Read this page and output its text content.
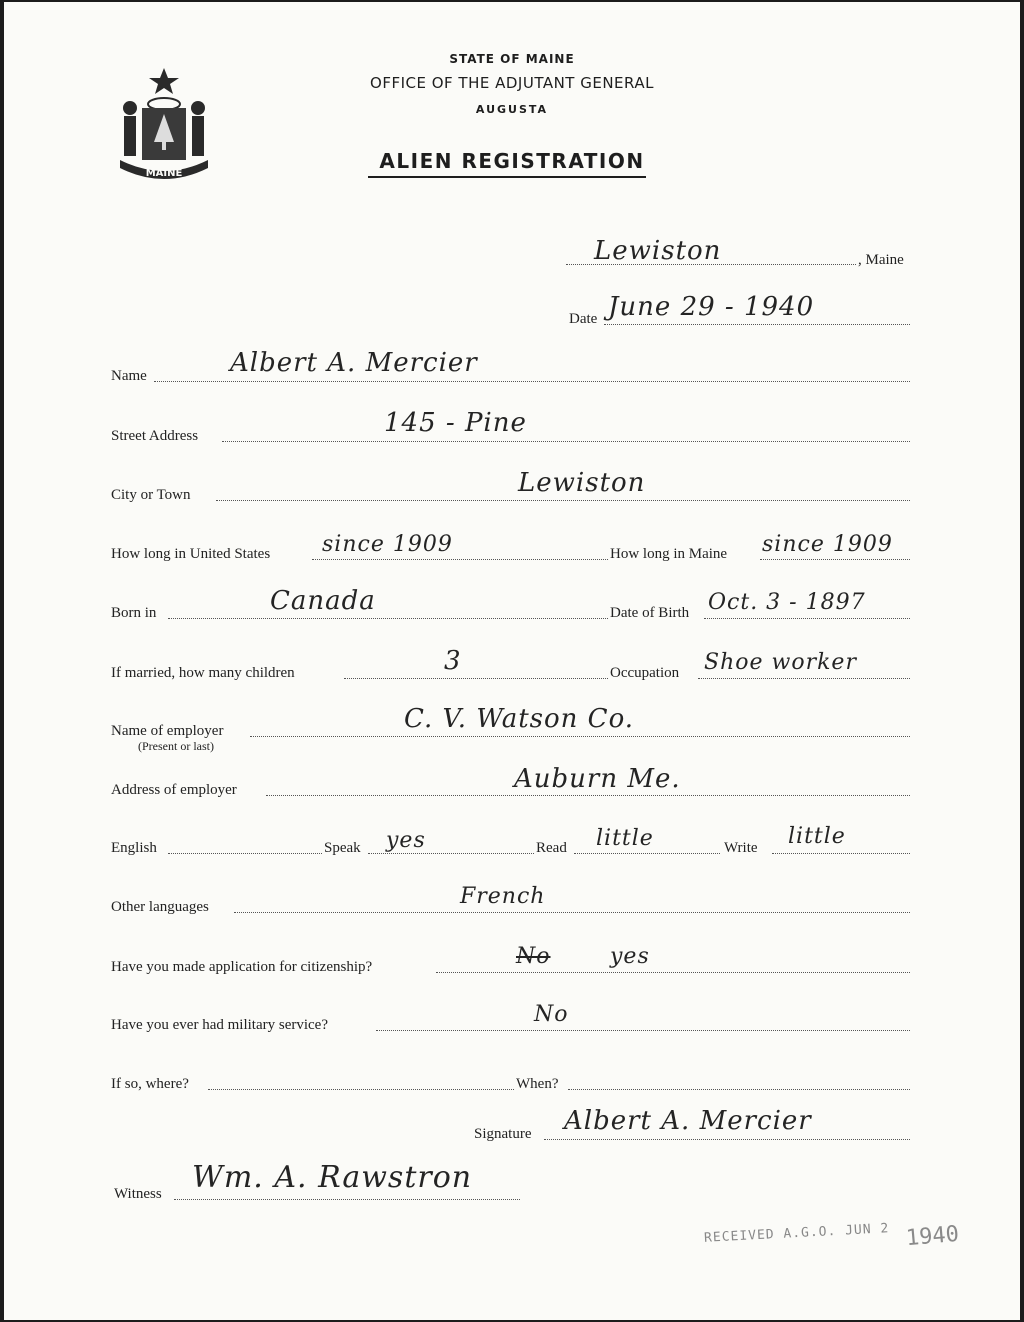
MAINE
STATE OF MAINE
OFFICE OF THE ADJUTANT GENERAL
AUGUSTA
ALIEN REGISTRATION
Lewiston	, Maine
Date June 29 - 1940
Name	Albert A. Mercier
Street Address	145 - Pine
City or Town	Lewiston
How long in United States since 1909	How long in Maine since 1909
Born in	Canada	Date of Birth Oct. 3 - 1897
If married, how many children	3	Occupation Shoe worker
Name of employer
(Present or last)
C. V. Watson Co.
Address of employer	Auburn Me.
English	Speak yes	Read little	Write little
Other languages	French
Have you made application for citizenship?	No	yes
Have you ever had military service?	No
If so, where?	When?
Signature Albert A. Mercier
Witness Wm. A. Rawstron
RECEIVED A.G.O. JUN 2 1940
